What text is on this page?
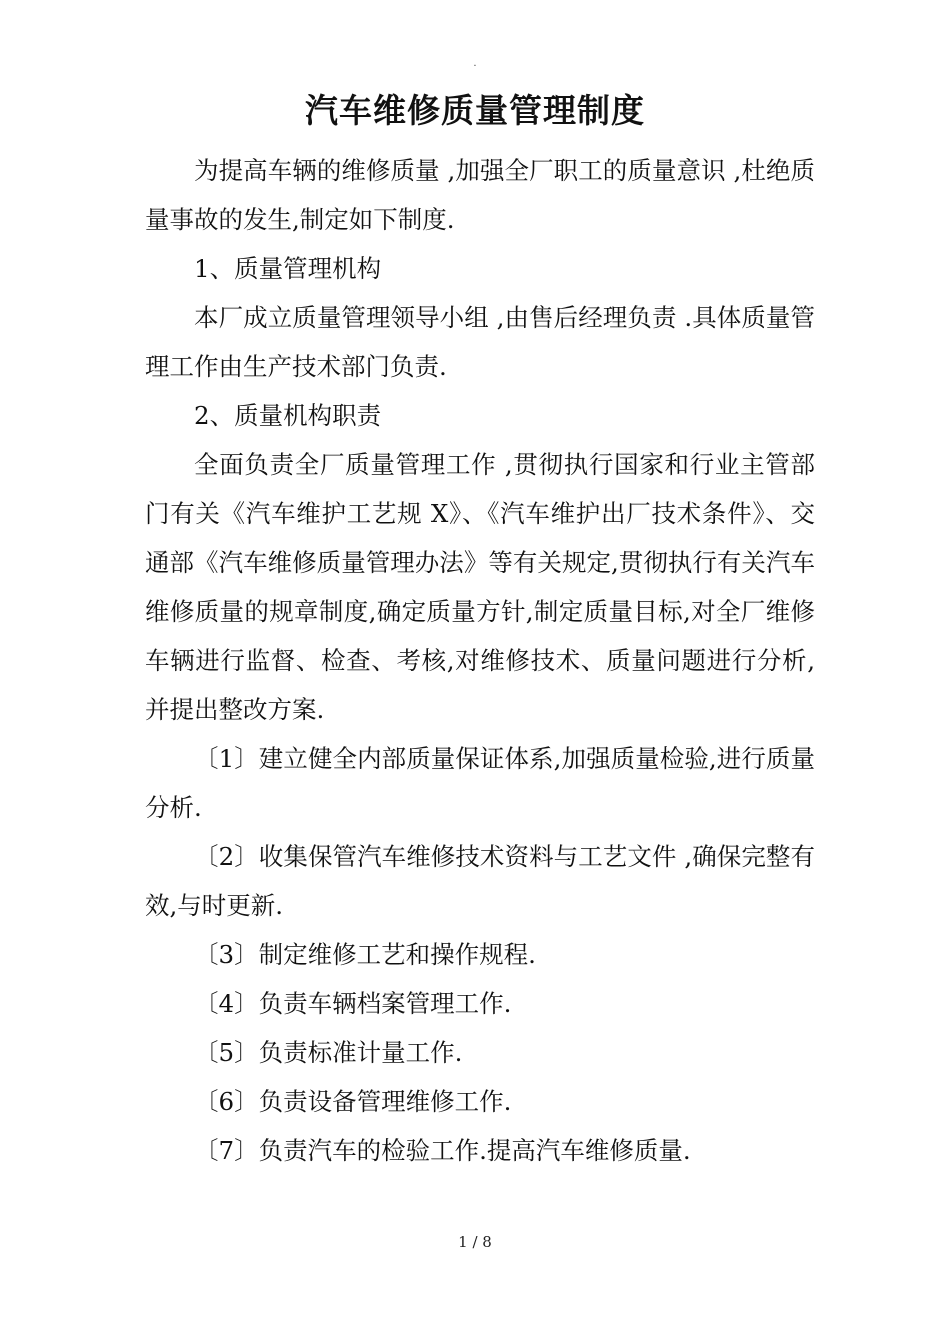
.
汽车维修质量管理制度

为提高车辆的维修质量 ,加强全厂职工的质量意识 ,杜绝质量事故的发生,制定如下制度.

1、质量管理机构

本厂成立质量管理领导小组 ,由售后经理负责 .具体质量管理工作由生产技术部门负责.

2、质量机构职责

全面负责全厂质量管理工作 ,贯彻执行国家和行业主管部门有关《汽车维护工艺规 X》、《汽车维护出厂技术条件》、交通部《汽车维修质量管理办法》等有关规定,贯彻执行有关汽车维修质量的规章制度,确定质量方针,制定质量目标,对全厂维修车辆进行监督、检查、考核,对维修技术、质量问题进行分析,并提出整改方案.

〔1〕建立健全内部质量保证体系,加强质量检验,进行质量分析.

〔2〕收集保管汽车维修技术资料与工艺文件 ,确保完整有效,与时更新.

〔3〕制定维修工艺和操作规程.

〔4〕负责车辆档案管理工作.

〔5〕负责标准计量工作.

〔6〕负责设备管理维修工作.

〔7〕负责汽车的检验工作.提高汽车维修质量.

1 / 8
